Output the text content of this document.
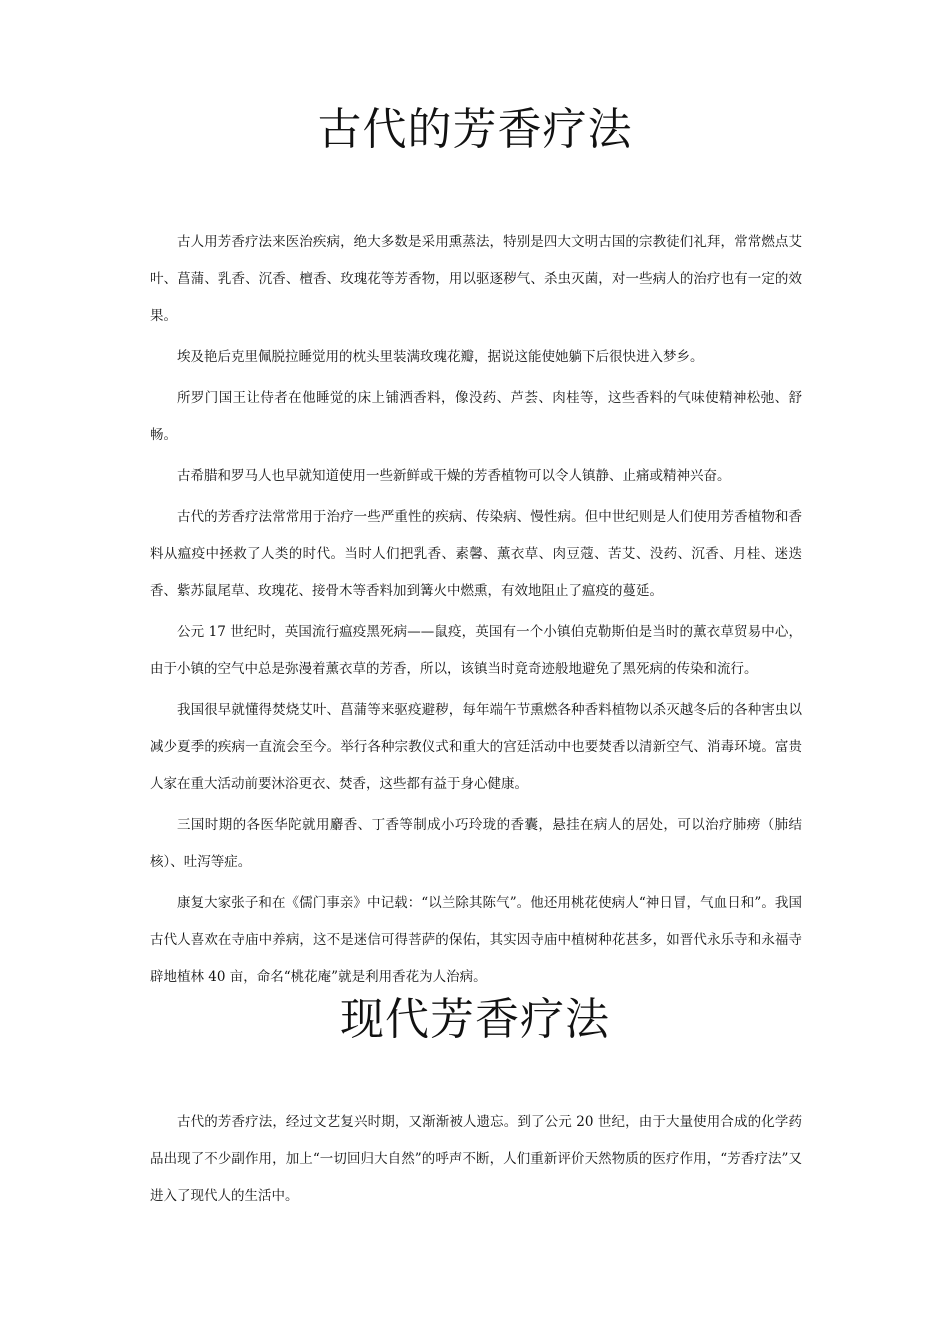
古代的芳香疗法

古人用芳香疗法来医治疾病，绝大多数是采用熏蒸法，特别是四大文明古国的宗教徒们礼拜，常常燃点艾叶、菖蒲、乳香、沉香、檀香、玫瑰花等芳香物，用以驱逐秽气、杀虫灭菌，对一些病人的治疗也有一定的效果。

埃及艳后克里佩脱拉睡觉用的枕头里装满玫瑰花瓣，据说这能使她躺下后很快进入梦乡。

所罗门国王让侍者在他睡觉的床上铺洒香料，像没药、芦荟、肉桂等，这些香料的气味使精神松弛、舒畅。

古希腊和罗马人也早就知道使用一些新鲜或干燥的芳香植物可以令人镇静、止痛或精神兴奋。

古代的芳香疗法常常用于治疗一些严重性的疾病、传染病、慢性病。但中世纪则是人们使用芳香植物和香料从瘟疫中拯救了人类的时代。当时人们把乳香、素馨、薰衣草、肉豆蔻、苦艾、没药、沉香、月桂、迷迭香、紫苏鼠尾草、玫瑰花、接骨木等香料加到篝火中燃熏，有效地阻止了瘟疫的蔓延。

公元 17 世纪时，英国流行瘟疫黑死病——鼠疫，英国有一个小镇伯克勒斯伯是当时的薰衣草贸易中心，由于小镇的空气中总是弥漫着薰衣草的芳香，所以，该镇当时竟奇迹般地避免了黑死病的传染和流行。

我国很早就懂得焚烧艾叶、菖蒲等来驱疫避秽，每年端午节熏燃各种香料植物以杀灭越冬后的各种害虫以减少夏季的疾病一直流会至今。举行各种宗教仪式和重大的宫廷活动中也要焚香以清新空气、消毒环境。富贵人家在重大活动前要沐浴更衣、焚香，这些都有益于身心健康。

三国时期的各医华陀就用麝香、丁香等制成小巧玲珑的香囊，悬挂在病人的居处，可以治疗肺痨（肺结核）、吐泻等症。

康复大家张子和在《儒门事亲》中记载：“以兰除其陈气”。他还用桃花使病人“神日冒，气血日和”。我国古代人喜欢在寺庙中养病，这不是迷信可得菩萨的保佑，其实因寺庙中植树种花甚多，如晋代永乐寺和永福寺辟地植林 40 亩，命名“桃花庵”就是利用香花为人治病。

现代芳香疗法

古代的芳香疗法，经过文艺复兴时期，又渐渐被人遗忘。到了公元 20 世纪，由于大量使用合成的化学药品出现了不少副作用，加上“一切回归大自然”的呼声不断，人们重新评价天然物质的医疗作用，“芳香疗法”又进入了现代人的生活中。
